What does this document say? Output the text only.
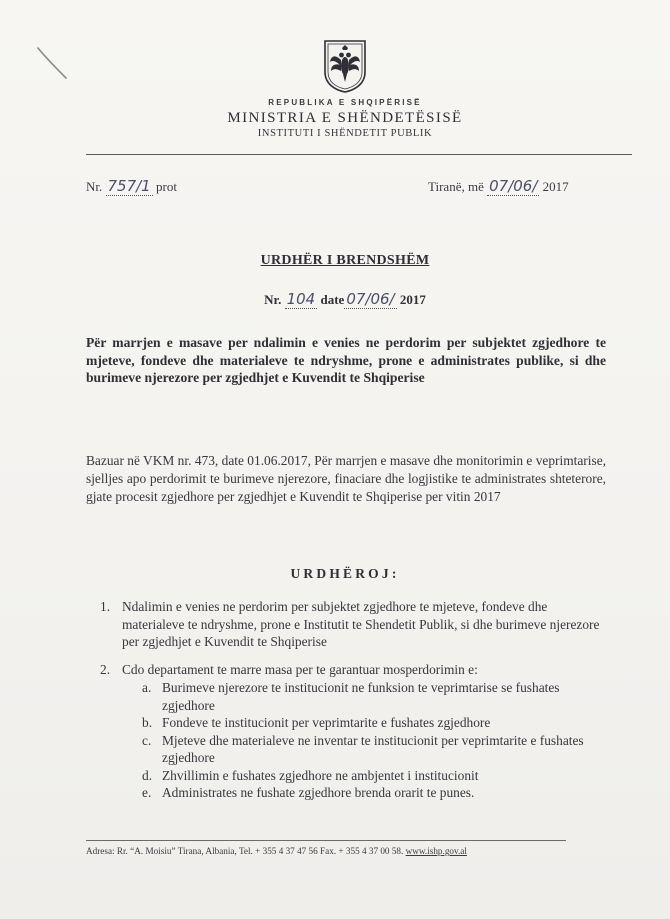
REPUBLIKA E SHQIPËRISË
MINISTRIA E SHËNDETËSISË
INSTITUTI I SHËNDETIT PUBLIK
Nr. 757/1 prot	Tiranë, më 07/06/ 2017
URDHËR I BRENDSHËM
Nr. 104 date 07/06/ 2017
Për marrjen e masave per ndalimin e venies ne perdorim per subjektet zgjedhore te mjeteve, fondeve dhe materialeve te ndryshme, prone e administrates publike, si dhe burimeve njerezore per zgjedhjet e Kuvendit te Shqiperise
Bazuar në VKM nr. 473, date 01.06.2017, Për marrjen e masave dhe monitorimin e veprimtarise, sjelljes apo perdorimit te burimeve njerezore, finaciare dhe logjistike te administrates shteterore, gjate procesit zgjedhore per zgjedhjet e Kuvendit te Shqiperise per vitin 2017
URDHËROJ:
1. Ndalimin e venies ne perdorim per subjektet zgjedhore te mjeteve, fondeve dhe materialeve te ndryshme, prone e Institutit te Shendetit Publik, si dhe burimeve njerezore per zgjedhjet e Kuvendit te Shqiperise
2. Cdo departament te marre masa per te garantuar mosperdorimin e:
a. Burimeve njerezore te institucionit ne funksion te veprimtarise se fushates zgjedhore
b. Fondeve te institucionit per veprimtarite e fushates zgjedhore
c. Mjeteve dhe materialeve ne inventar te institucionit per veprimtarite e fushates zgjedhore
d. Zhvillimin e fushates zgjedhore ne ambjentet i institucionit
e. Administrates ne fushate zgjedhore brenda orarit te punes.
Adresa: Rr. “A. Moisiu” Tirana, Albania, Tel. + 355 4 37 47 56 Fax. + 355 4 37 00 58. www.ishp.gov.al
